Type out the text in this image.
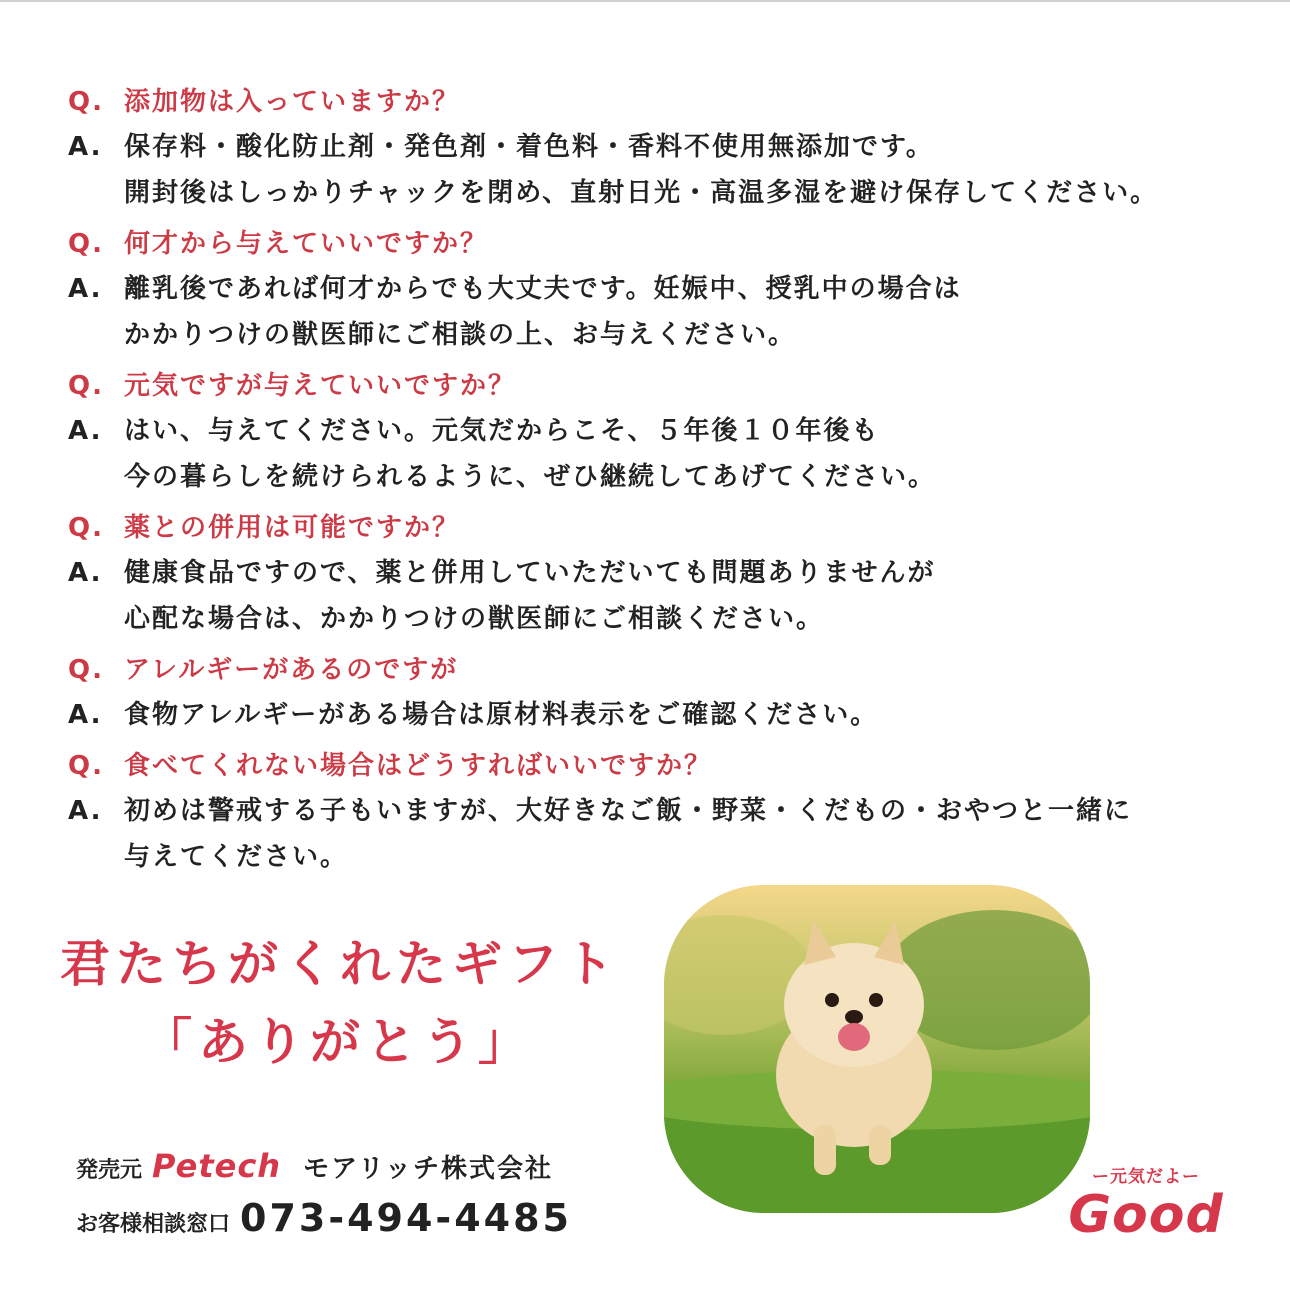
Q. 添加物は入っていますか？
A. 保存料・酸化防止剤・発色剤・着色料・香料不使用無添加です。
開封後はしっかりチャックを閉め、直射日光・高温多湿を避け保存してください。
Q. 何才から与えていいですか？
A. 離乳後であれば何才からでも大丈夫です。妊娠中、授乳中の場合は
かかりつけの獣医師にご相談の上、お与えください。
Q. 元気ですが与えていいですか？
A. はい、与えてください。元気だからこそ、５年後１０年後も
今の暮らしを続けられるように、ぜひ継続してあげてください。
Q. 薬との併用は可能ですか？
A. 健康食品ですので、薬と併用していただいても問題ありませんが
心配な場合は、かかりつけの獣医師にご相談ください。
Q. アレルギーがあるのですが
A. 食物アレルギーがある場合は原材料表示をご確認ください。
Q. 食べてくれない場合はどうすればいいですか？
A. 初めは警戒する子もいますが、大好きなご飯・野菜・くだもの・おやつと一緒に
与えてください。
君たちがくれたギフト
「ありがとう」
発売元 Petech モアリッチ株式会社
お客様相談窓口 073-494-4485
ー元気だよー
Good
